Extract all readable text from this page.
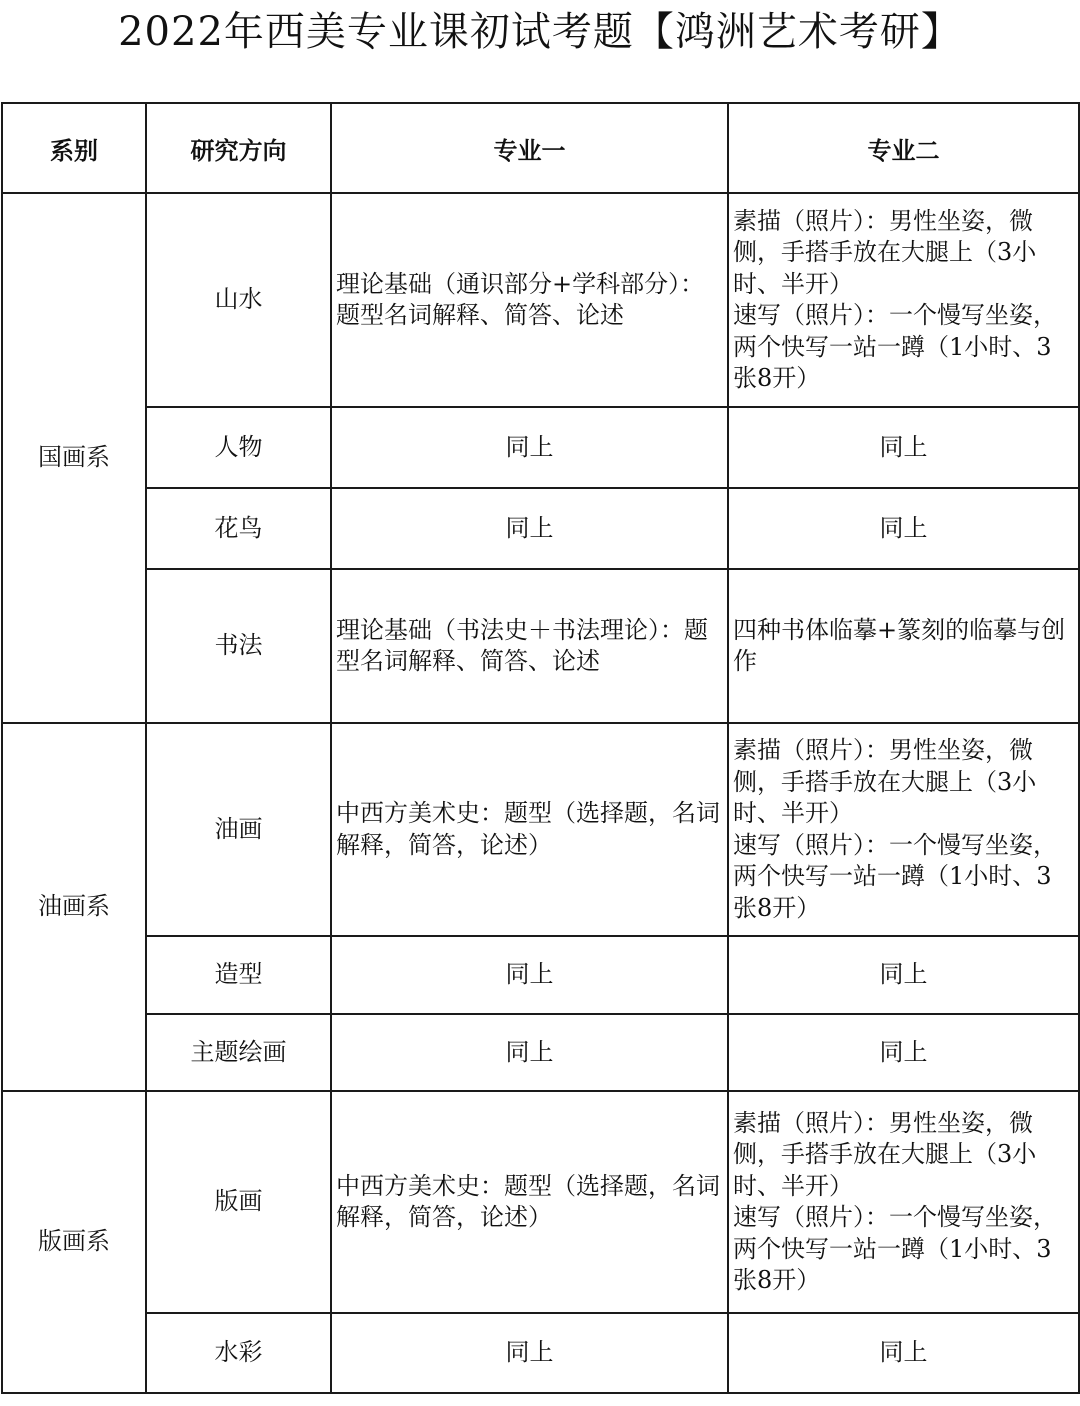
2022年西美专业课初试考题【鸿洲艺术考研】
系别	研究方向	专业一	专业二
国画系	山水	理论基础（通识部分+学科部分）：题型名词解释、简答、论述	素描（照片）：男性坐姿，微侧，手搭手放在大腿上（3小时、半开）
速写（照片）：一个慢写坐姿，两个快写一站一蹲（1小时、3张8开）

	人物	同上	同上
	花鸟	同上	同上
	书法	理论基础（书法史＋书法理论）：题型名词解释、简答、论述	四种书体临摹+篆刻的临摹与创作
油画系	油画	中西方美术史：题型（选择题，名词解释，简答，论述）	素描（照片）：男性坐姿，微侧，手搭手放在大腿上（3小时、半开）
速写（照片）：一个慢写坐姿，两个快写一站一蹲（1小时、3张8开）

	造型	同上	同上
	主题绘画	同上	同上
版画系	版画	中西方美术史：题型（选择题，名词解释，简答，论述）	素描（照片）：男性坐姿，微侧，手搭手放在大腿上（3小时、半开）
速写（照片）：一个慢写坐姿，两个快写一站一蹲（1小时、3张8开）

	水彩	同上	同上
